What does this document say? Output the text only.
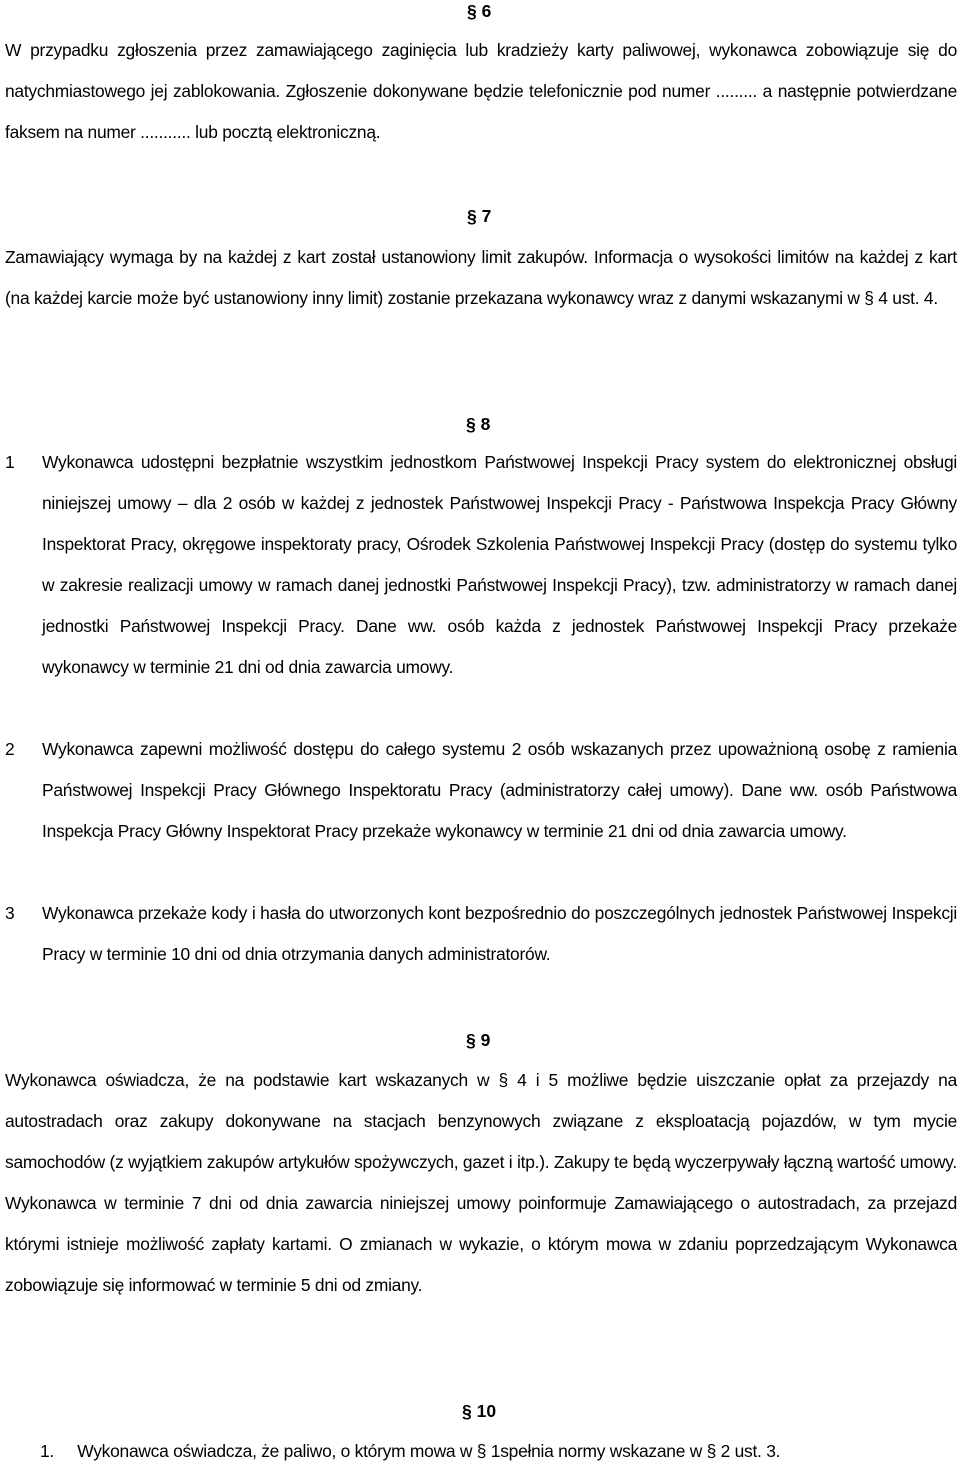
§ 6
W przypadku zgłoszenia przez zamawiającego zaginięcia lub kradzieży karty paliwowej, wykonawca zobowiązuje się do natychmiastowego jej zablokowania. Zgłoszenie dokonywane będzie telefonicznie pod numer ......... a następnie potwierdzane faksem na numer ........... lub pocztą elektroniczną.
§ 7
Zamawiający wymaga by na każdej z kart został ustanowiony limit zakupów. Informacja o wysokości limitów na każdej z kart (na każdej karcie może być ustanowiony inny limit) zostanie przekazana wykonawcy wraz z danymi wskazanymi w § 4 ust. 4.
§ 8
1 Wykonawca udostępni bezpłatnie wszystkim jednostkom Państwowej Inspekcji Pracy system do elektronicznej obsługi niniejszej umowy – dla 2 osób w każdej z jednostek Państwowej Inspekcji Pracy - Państwowa Inspekcja Pracy Główny Inspektorat Pracy, okręgowe inspektoraty pracy, Ośrodek Szkolenia Państwowej Inspekcji Pracy (dostęp do systemu tylko w zakresie realizacji umowy w ramach danej jednostki Państwowej Inspekcji Pracy), tzw. administratorzy w ramach danej jednostki Państwowej Inspekcji Pracy. Dane ww. osób każda z jednostek Państwowej Inspekcji Pracy przekaże wykonawcy w terminie 21 dni od dnia zawarcia umowy.
2 Wykonawca zapewni możliwość dostępu do całego systemu 2 osób wskazanych przez upoważnioną osobę z ramienia Państwowej Inspekcji Pracy Głównego Inspektoratu Pracy (administratorzy całej umowy). Dane ww. osób Państwowa Inspekcja Pracy Główny Inspektorat Pracy przekaże wykonawcy w terminie 21 dni od dnia zawarcia umowy.
3 Wykonawca przekaże kody i hasła do utworzonych kont bezpośrednio do poszczególnych jednostek Państwowej Inspekcji Pracy w terminie 10 dni od dnia otrzymania danych administratorów.
§ 9
Wykonawca oświadcza, że na podstawie kart wskazanych w § 4 i 5 możliwe będzie uiszczanie opłat za przejazdy na autostradach oraz zakupy dokonywane na stacjach benzynowych związane z eksploatacją pojazdów, w tym mycie samochodów (z wyjątkiem zakupów artykułów spożywczych, gazet i itp.). Zakupy te będą wyczerpywały łączną wartość umowy. Wykonawca w terminie 7 dni od dnia zawarcia niniejszej umowy poinformuje Zamawiającego o autostradach, za przejazd którymi istnieje możliwość zapłaty kartami. O zmianach w wykazie, o którym mowa w zdaniu poprzedzającym Wykonawca zobowiązuje się informować w terminie 5 dni od zmiany.
§ 10
1. Wykonawca oświadcza, że paliwo, o którym mowa w § 1spełnia normy wskazane w § 2 ust. 3.
